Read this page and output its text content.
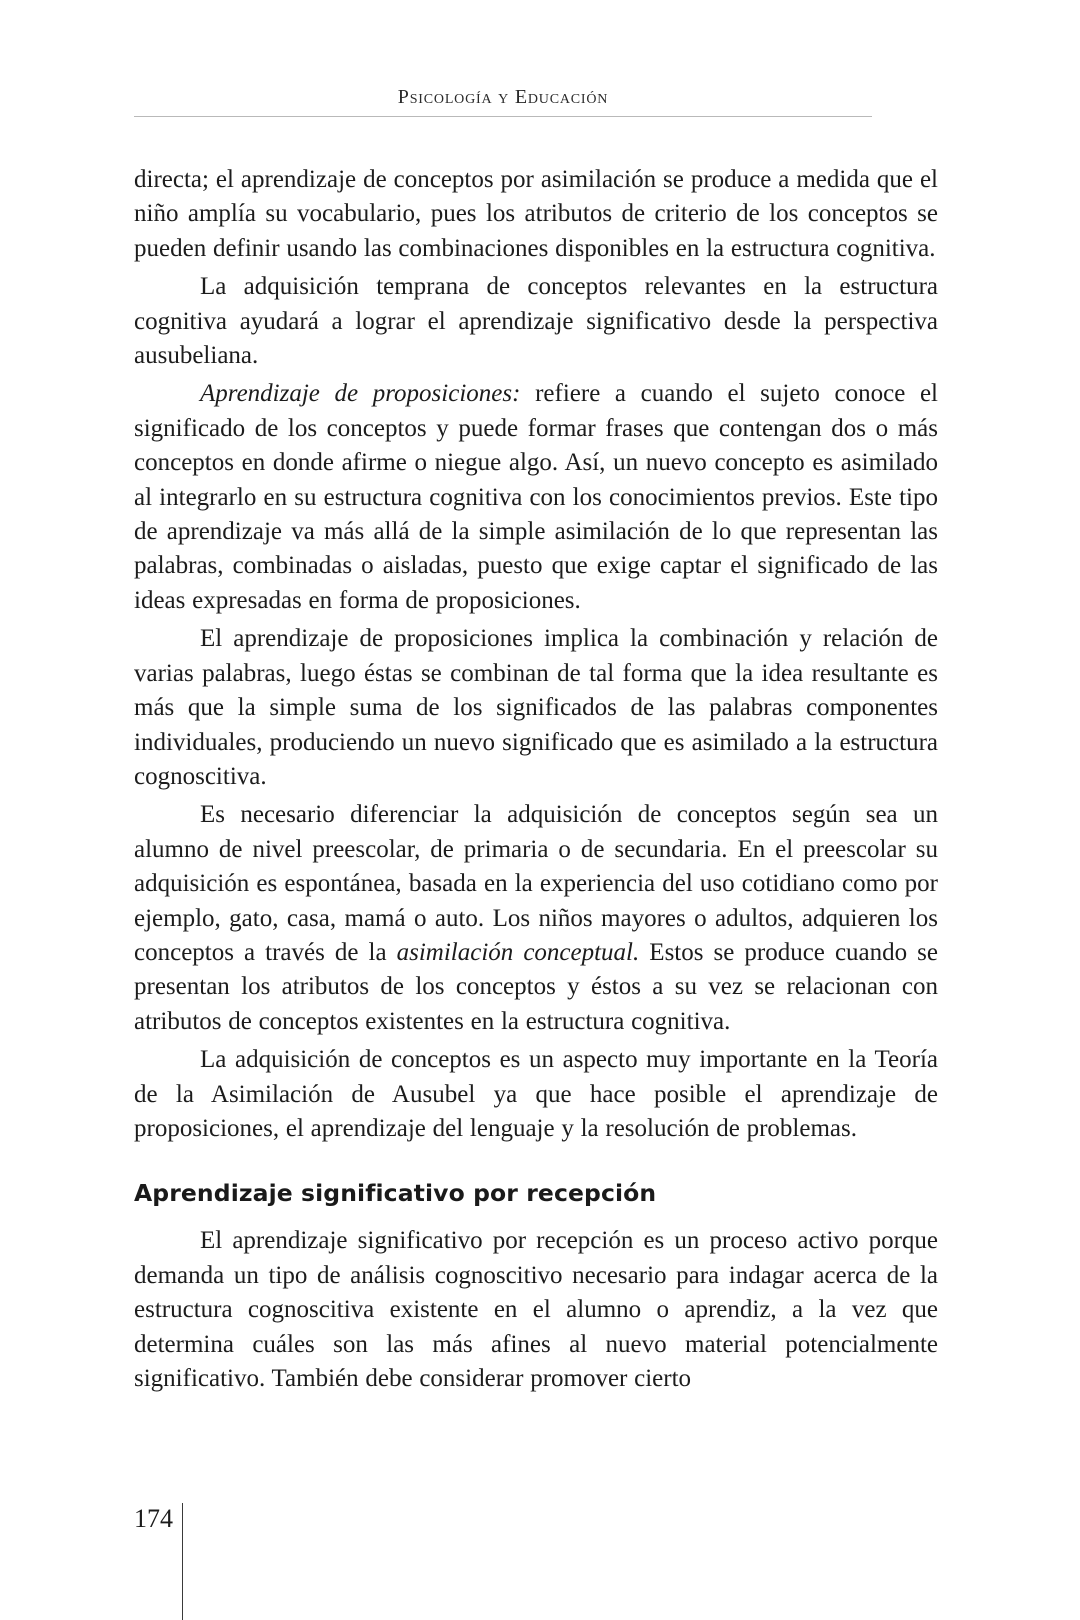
Psicología y Educación

directa; el aprendizaje de conceptos por asimilación se produce a medida que el niño amplía su vocabulario, pues los atributos de criterio de los conceptos se pueden definir usando las combinaciones disponibles en la estructura cognitiva.

La adquisición temprana de conceptos relevantes en la estructura cognitiva ayudará a lograr el aprendizaje significativo desde la perspectiva ausubeliana.

Aprendizaje de proposiciones: refiere a cuando el sujeto conoce el significado de los conceptos y puede formar frases que contengan dos o más conceptos en donde afirme o niegue algo. Así, un nuevo concepto es asimilado al integrarlo en su estructura cognitiva con los conocimientos previos. Este tipo de aprendizaje va más allá de la simple asimilación de lo que representan las palabras, combinadas o aisladas, puesto que exige captar el significado de las ideas expresadas en forma de proposiciones.

El aprendizaje de proposiciones implica la combinación y relación de varias palabras, luego éstas se combinan de tal forma que la idea resultante es más que la simple suma de los significados de las palabras componentes individuales, produciendo un nuevo significado que es asimilado a la estructura cognoscitiva.

Es necesario diferenciar la adquisición de conceptos según sea un alumno de nivel preescolar, de primaria o de secundaria. En el preescolar su adquisición es espontánea, basada en la experiencia del uso cotidiano como por ejemplo, gato, casa, mamá o auto. Los niños mayores o adultos, adquieren los conceptos a través de la asimilación conceptual. Estos se produce cuando se presentan los atributos de los conceptos y éstos a su vez se relacionan con atributos de conceptos existentes en la estructura cognitiva.

La adquisición de conceptos es un aspecto muy importante en la Teoría de la Asimilación de Ausubel ya que hace posible el aprendizaje de proposiciones, el aprendizaje del lenguaje y la resolución de problemas.

Aprendizaje significativo por recepción

El aprendizaje significativo por recepción es un proceso activo porque demanda un tipo de análisis cognoscitivo necesario para indagar acerca de la estructura cognoscitiva existente en el alumno o aprendiz, a la vez que determina cuáles son las más afines al nuevo material potencialmente significativo. También debe considerar promover cierto

174
